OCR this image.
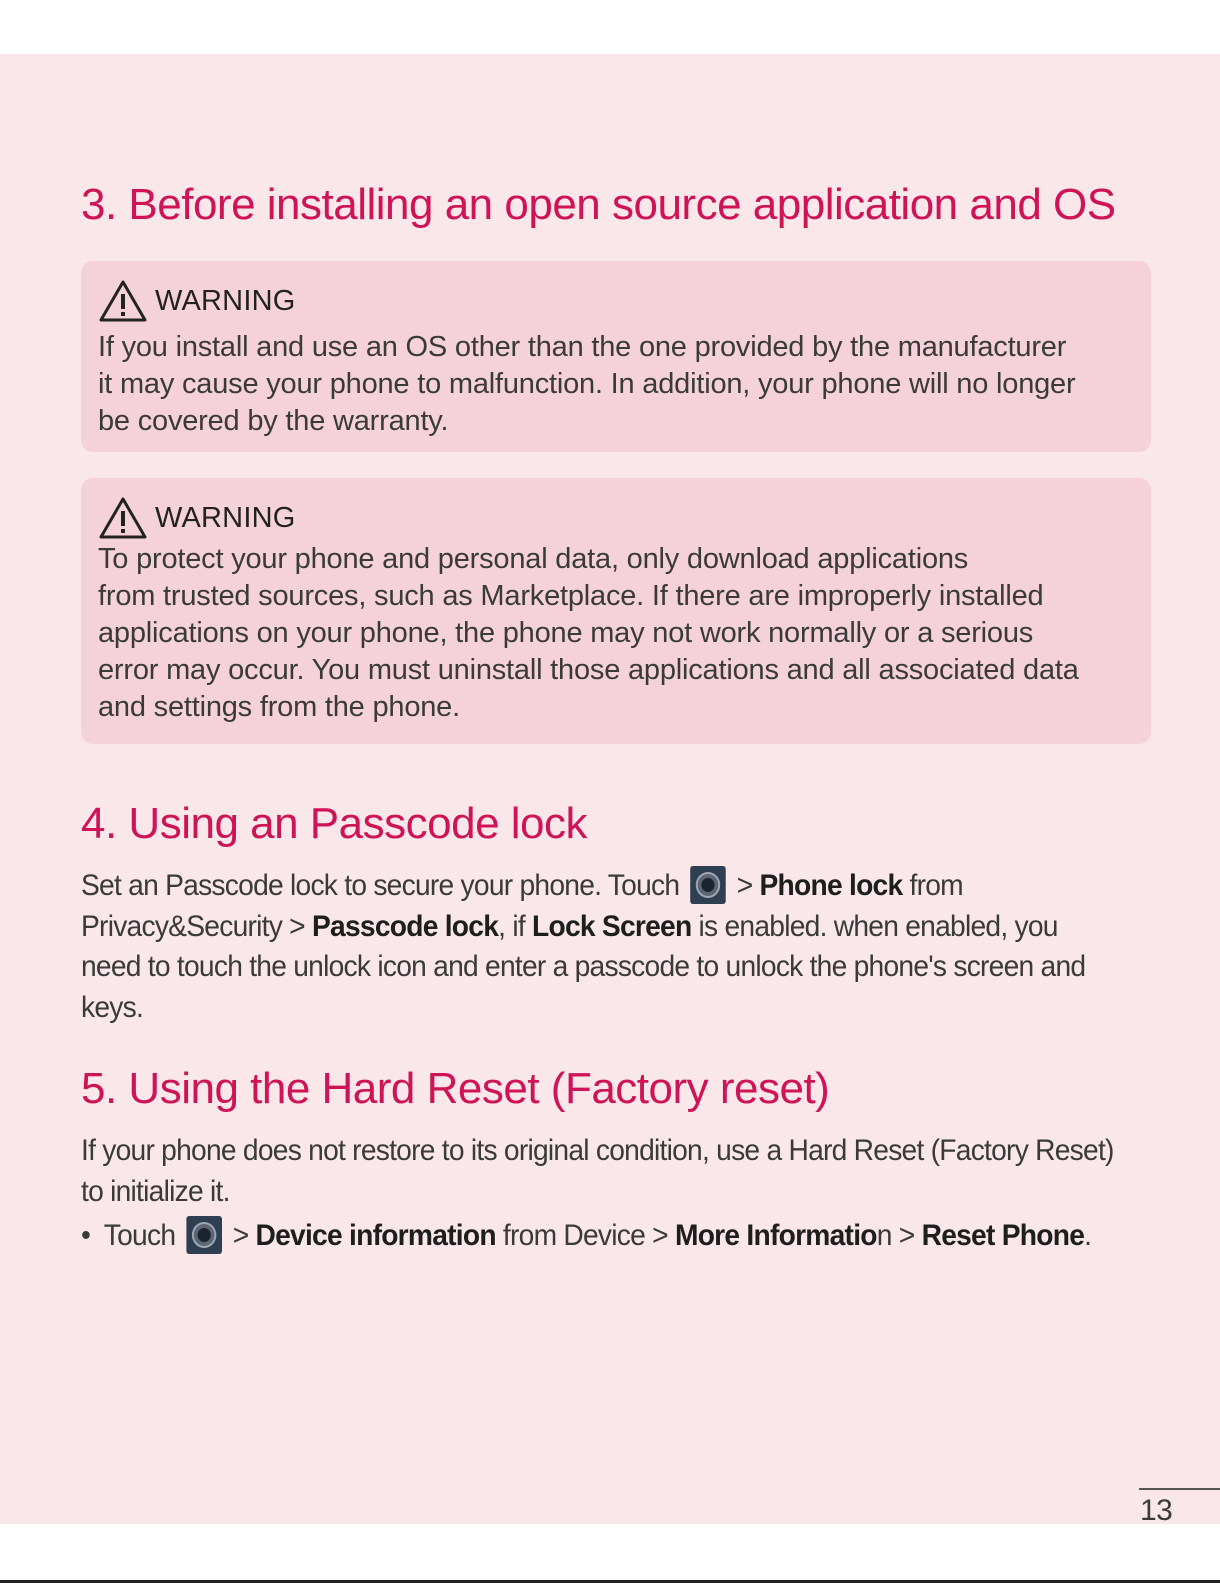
3. Before installing an open source application and OS
WARNING

If you install and use an OS other than the one provided by the manufacturer
it may cause your phone to malfunction. In addition, your phone will no longer
be covered by the warranty.

WARNING

To protect your phone and personal data, only download applications
from trusted sources, such as Marketplace. If there are improperly installed
applications on your phone, the phone may not work normally or a serious
error may occur. You must uninstall those applications and all associated data
and settings from the phone.

4. Using an Passcode lock

Set an Passcode lock to secure your phone. Touch  > Phone lock from
Privacy&Security > Passcode lock, if Lock Screen is enabled. when enabled, you
need to touch the unlock icon and enter a passcode to unlock the phone's screen and
keys.

5. Using the Hard Reset (Factory reset)

If your phone does not restore to its original condition, use a Hard Reset (Factory Reset)
to initialize it.

• Touch  > Device information from Device > More Information > Reset Phone.

13
